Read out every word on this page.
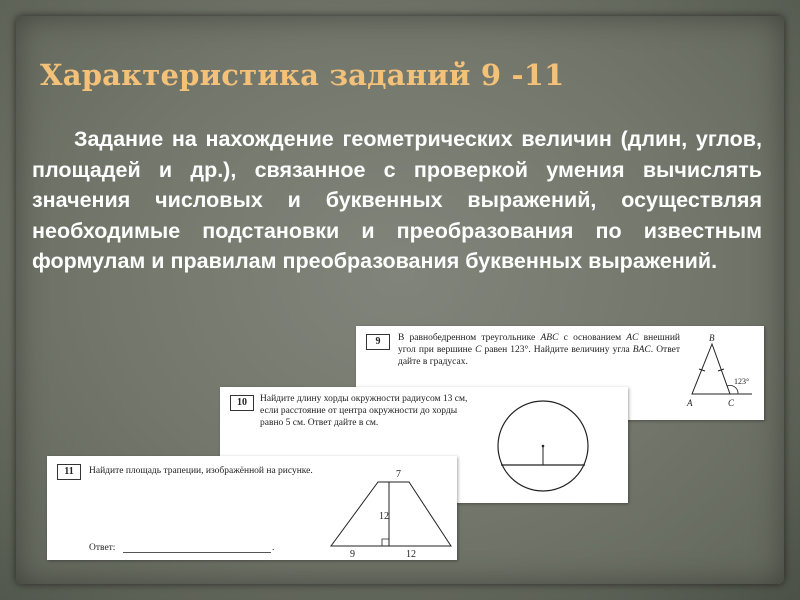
Характеристика заданий 9 -11

Задание на нахождение геометрических величин (длин, углов, площадей и др.), связанное с проверкой умения вычислять значения числовых и буквенных выражений, осуществляя необходимые подстановки и преобразования по известным формулам и правилам преобразования буквенных выражений.

9	В равнобедренном треугольнике ABC с основанием AC внешний угол при вершине C равен 123°. Найдите величину угла BAC. Ответ дайте в градусах.

B
A	C
123°
10	Найдите длину хорды окружности радиусом 13 см, если расстояние от центра окружности до хорды равно 5 см. Ответ дайте в см.

11	Найдите площадь трапеции, изображённой на рисунке.

Ответ:	.
7
12
9	12
